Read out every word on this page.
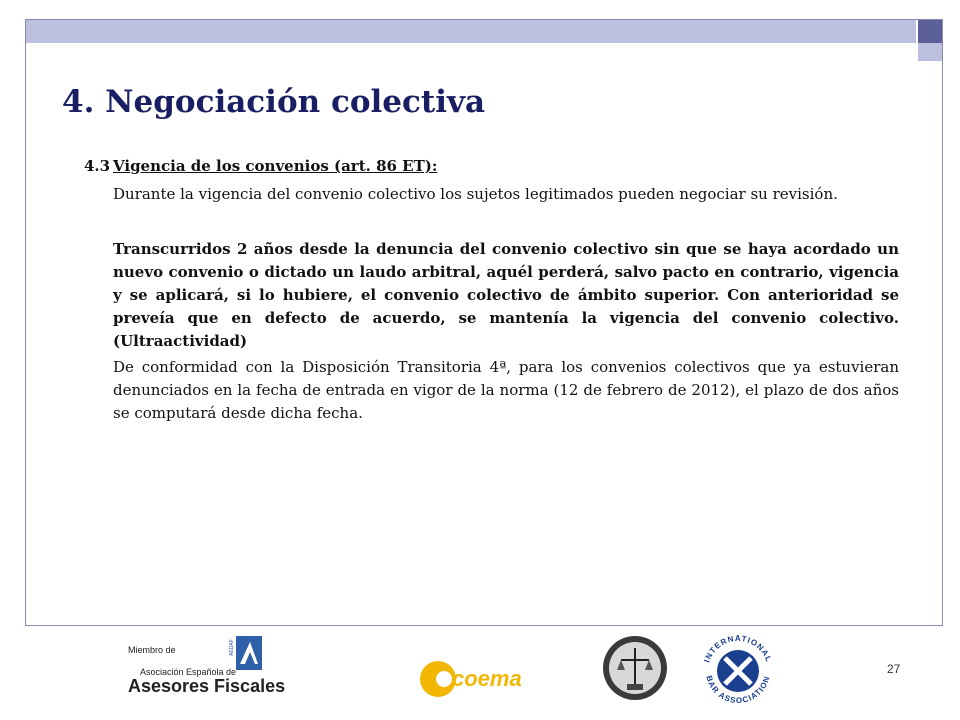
4. Negociación colectiva
4.3 Vigencia de los convenios (art. 86 ET):
Durante la vigencia del convenio colectivo los sujetos legitimados pueden negociar su revisión.
Transcurridos 2 años desde la denuncia del convenio colectivo sin que se haya acordado un nuevo convenio o dictado un laudo arbitral, aquél perderá, salvo pacto en contrario, vigencia y se aplicará, si lo hubiere, el convenio colectivo de ámbito superior. Con anterioridad se preveía que en defecto de acuerdo, se mantenía la vigencia del convenio colectivo. (Ultraactividad)
De conformidad con la Disposición Transitoria 4ª, para los convenios colectivos que ya estuvieran denunciados en la fecha de entrada en vigor de la norma (12 de febrero de 2012), el plazo de dos años se computará desde dicha fecha.
Miembro de	AEDAF
Asociación Española de
Asesores Fiscales	coema
INTERNATIONAL
BAR ASSOCIATION
27
